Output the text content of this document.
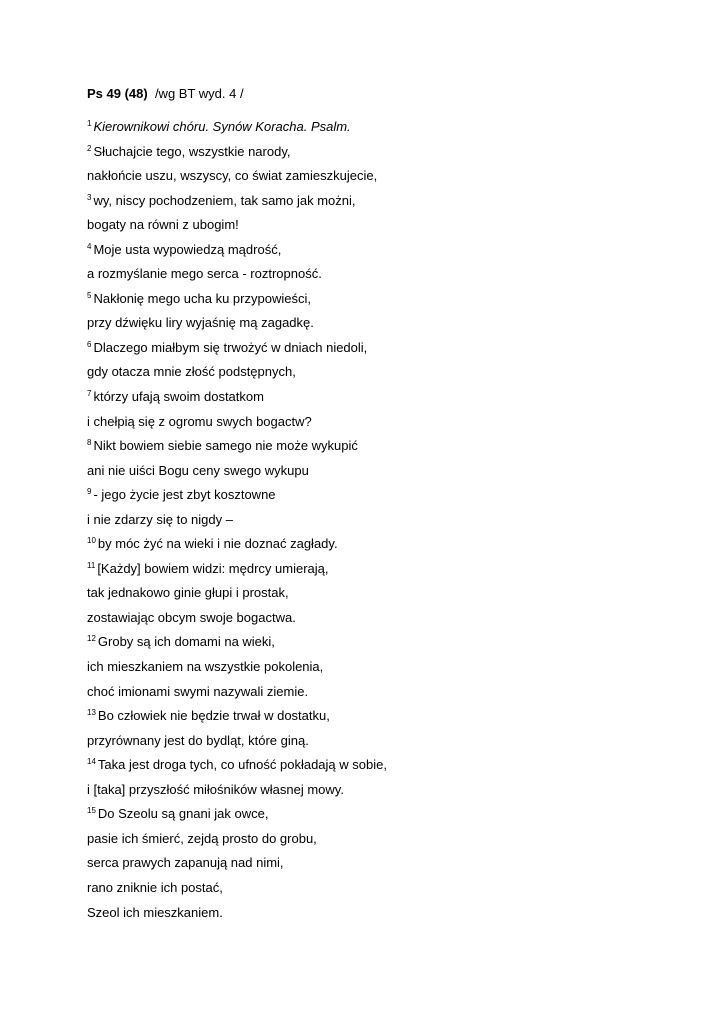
Ps 49 (48) /wg BT wyd. 4 /
$^1$ Kierownikowi chóru. Synów Koracha. Psalm.
$^2$ Słuchajcie tego, wszystkie narody,
nakłońcie uszu, wszyscy, co świat zamieszkujecie,
$^3$ wy, niscy pochodzeniem, tak samo jak możni,
bogaty na równi z ubogim!
$^4$ Moje usta wypowiedzą mądrość,
a rozmyślanie mego serca - roztropność.
$^5$ Nakłonię mego ucha ku przypowieści,
przy dźwięku liry wyjaśnię mą zagadkę.
$^6$ Dlaczego miałbym się trwożyć w dniach niedoli,
gdy otacza mnie złość podstępnych,
$^7$ którzy ufają swoim dostatkom
i chełpią się z ogromu swych bogactw?
$^8$ Nikt bowiem siebie samego nie może wykupić
ani nie uiści Bogu ceny swego wykupu
$^9$ - jego życie jest zbyt kosztowne
i nie zdarzy się to nigdy –
$^{10}$ by móc żyć na wieki i nie doznać zagłady.
$^{11}$ [Każdy] bowiem widzi: mędrcy umierają,
tak jednakowo ginie głupi i prostak,
zostawiając obcym swoje bogactwa.
$^{12}$ Groby są ich domami na wieki,
ich mieszkaniem na wszystkie pokolenia,
choć imionami swymi nazywali ziemie.
$^{13}$ Bo człowiek nie będzie trwał w dostatku,
przyrównany jest do bydląt, które giną.
$^{14}$ Taka jest droga tych, co ufność pokładają w sobie,
i [taka] przyszłość miłośników własnej mowy.
$^{15}$ Do Szeolu są gnani jak owce,
pasie ich śmierć, zejdą prosto do grobu,
serca prawych zapanują nad nimi,
rano zniknie ich postać,
Szeol ich mieszkaniem.
